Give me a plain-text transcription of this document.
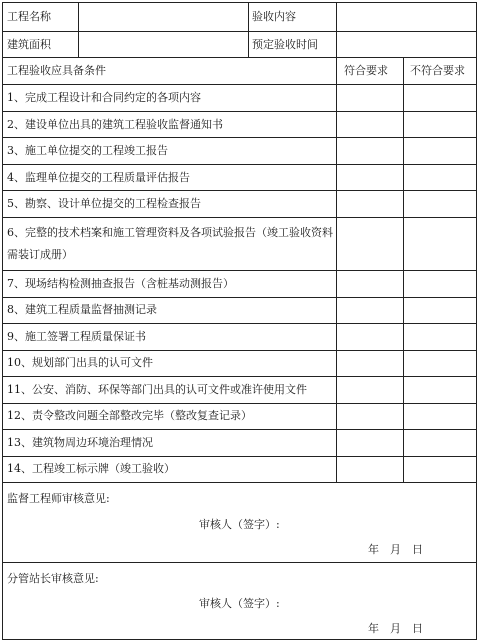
工程名称	验收内容
建筑面积	预定验收时间
工程验收应具备条件	符合要求 不符合要求
1、完成工程设计和合同约定的各项内容
2、建设单位出具的建筑工程验收监督通知书
3、施工单位提交的工程竣工报告
4、监理单位提交的工程质量评估报告
5、勘察、设计单位提交的工程检查报告
6、完整的技术档案和施工管理资料及各项试验报告（竣工验收资料需装订成册）
7、现场结构检测抽查报告（含桩基动测报告）
8、建筑工程质量监督抽测记录
9、施工签署工程质量保证书
10、规划部门出具的认可文件
11、公安、消防、环保等部门出具的认可文件或准许使用文件
12、责令整改问题全部整改完毕（整改复查记录）
13、建筑物周边环境治理情况
14、工程竣工标示牌（竣工验收）
监督工程师审核意见:
审核人（签字）:
年　月　日
分管站长审核意见:
审核人（签字）:
年　月　日
